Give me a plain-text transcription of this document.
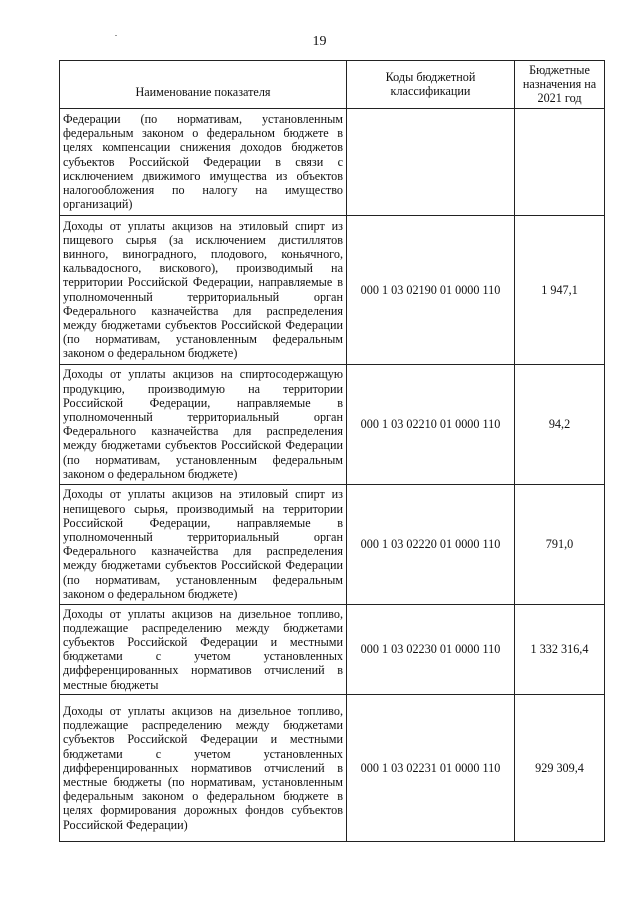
19
Наименование показателя	Коды бюджетной классификации	Бюджетные назначения на 2021 год
Федерации (по нормативам, установленным федеральным законом о федеральном бюджете в целях компенсации снижения доходов бюджетов субъектов Российской Федерации в связи с исключением движимого имущества из объектов налогообложения по налогу на имущество организаций)		
Доходы от уплаты акцизов на этиловый спирт из пищевого сырья (за исключением дистиллятов винного, виноградного, плодового, коньячного, кальвадосного, вискового), производимый на территории Российской Федерации, направляемые в уполномоченный территориальный орган Федерального казначейства для распределения между бюджетами субъектов Российской Федерации (по нормативам, установленным федеральным законом о федеральном бюджете)	000 1 03 02190 01 0000 110	1 947,1
Доходы от уплаты акцизов на спиртосодержащую продукцию, производимую на территории Российской Федерации, направляемые в уполномоченный территориальный орган Федерального казначейства для распределения между бюджетами субъектов Российской Федерации (по нормативам, установленным федеральным законом о федеральном бюджете)	000 1 03 02210 01 0000 110	94,2
Доходы от уплаты акцизов на этиловый спирт из непищевого сырья, производимый на территории Российской Федерации, направляемые в уполномоченный территориальный орган Федерального казначейства для распределения между бюджетами субъектов Российской Федерации (по нормативам, установленным федеральным законом о федеральном бюджете)	000 1 03 02220 01 0000 110	791,0
Доходы от уплаты акцизов на дизельное топливо, подлежащие распределению между бюджетами субъектов Российской Федерации и местными бюджетами с учетом установленных дифференцированных нормативов отчислений в местные бюджеты	000 1 03 02230 01 0000 110	1 332 316,4
Доходы от уплаты акцизов на дизельное топливо, подлежащие распределению между бюджетами субъектов Российской Федерации и местными бюджетами с учетом установленных дифференцированных нормативов отчислений в местные бюджеты (по нормативам, установленным федеральным законом о федеральном бюджете в целях формирования дорожных фондов субъектов Российской Федерации)	000 1 03 02231 01 0000 110	929 309,4
